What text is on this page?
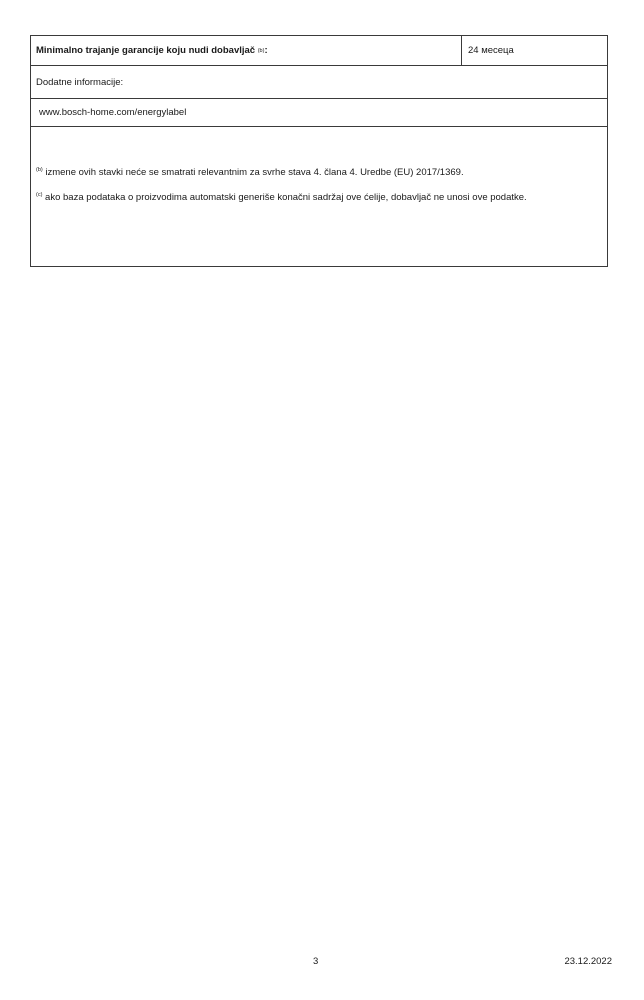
Minimalno trajanje garancije koju nudi dobavljač
(b) :	24 месеца
Dodatne informacije:
www.bosch-home.com/energylabel
$^{(b)}$ izmene ovih stavki neće se smatrati relevantnim za svrhe stava 4. člana 4. Uredbe (EU) 2017/1369.
$^{(c)}$ ako baza podataka o proizvodima automatski generiše konačni sadržaj ove ćelije, dobavljač ne unosi ove podatke.
3	23.12.2022
